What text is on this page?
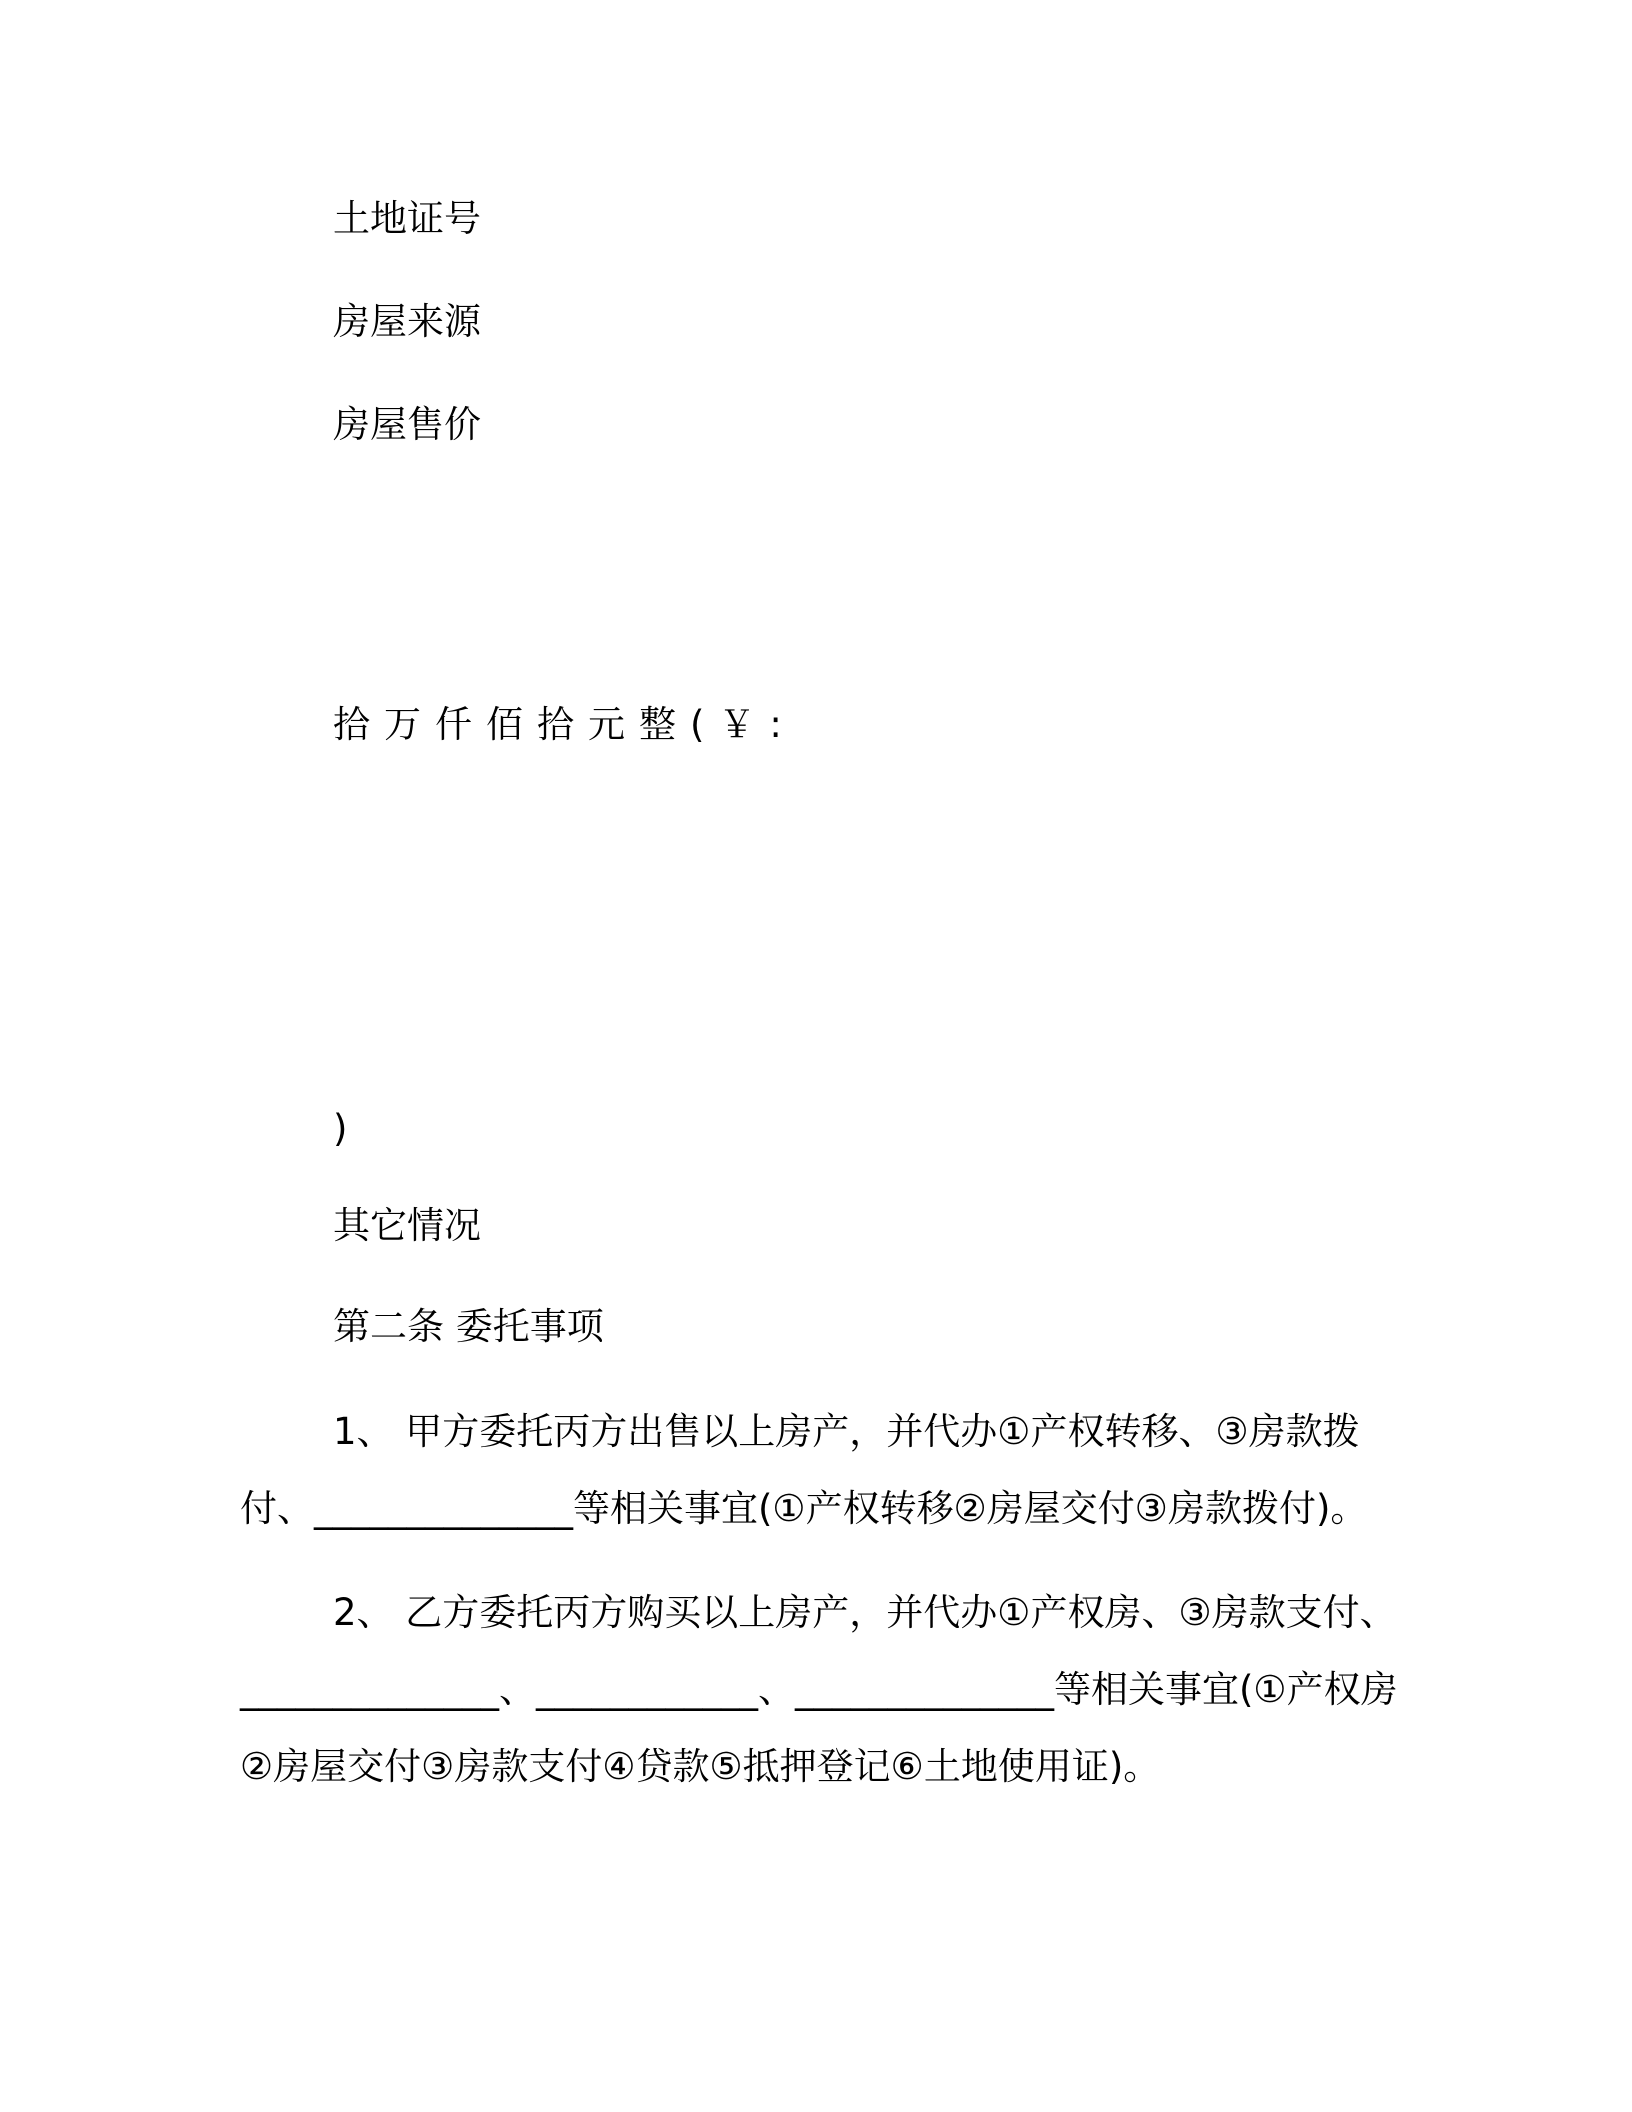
土地证号
房屋来源
房屋售价
拾万仟佰拾元整(￥:
)
其它情况
第二条 委托事项
1、 甲方委托丙方出售以上房产，并代办①产权转移、③房款拨
付、______________等相关事宜(①产权转移②房屋交付③房款拨付)。
2、 乙方委托丙方购买以上房产，并代办①产权房、③房款支付、
______________、____________、______________等相关事宜(①产权房
②房屋交付③房款支付④贷款⑤抵押登记⑥土地使用证)。
